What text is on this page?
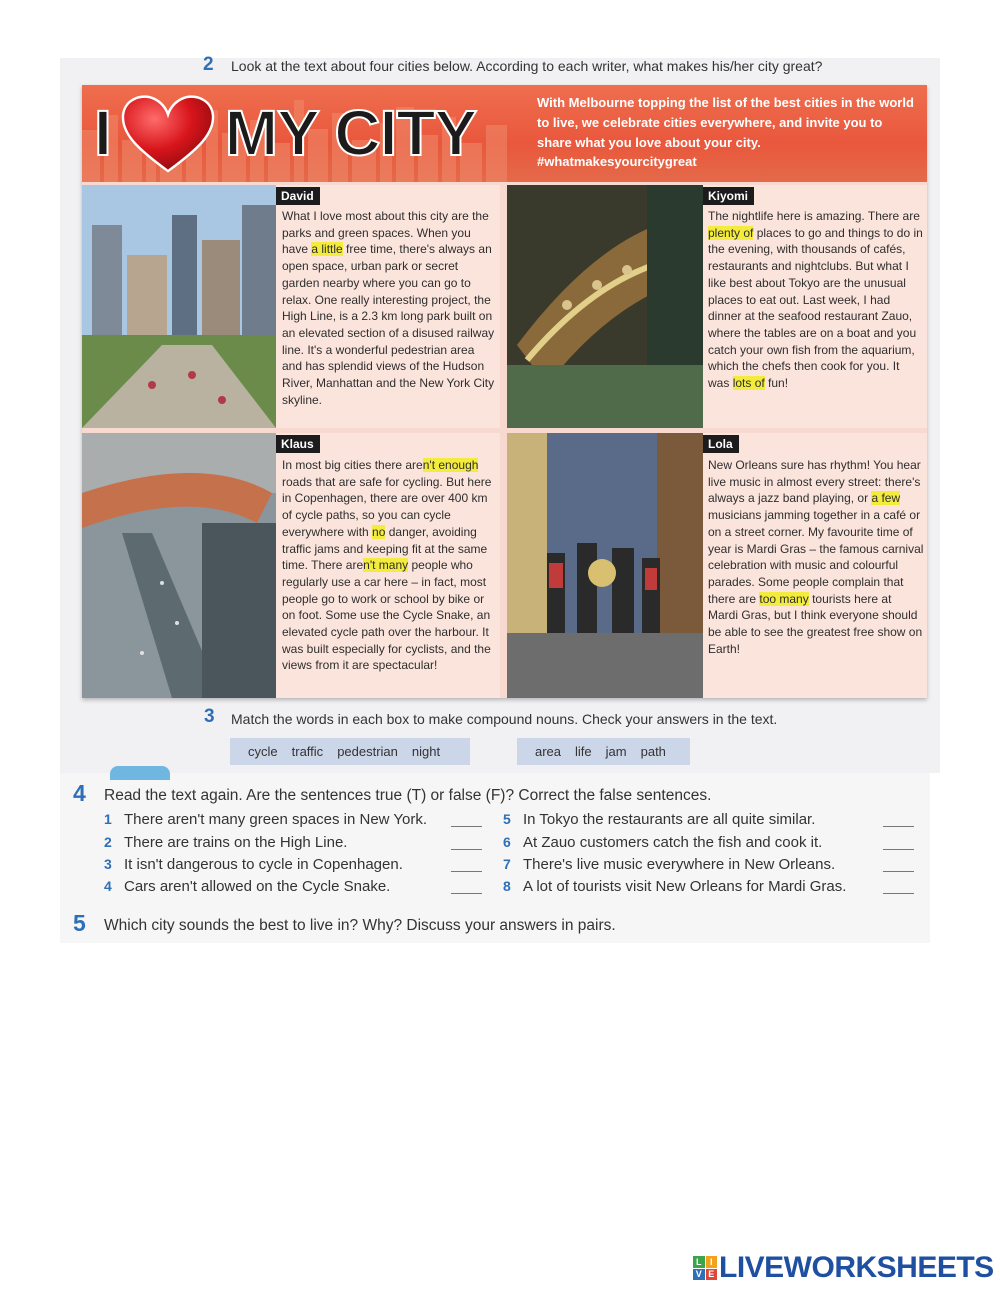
2 Look at the text about four cities below. According to each writer, what makes his/her city great?
I MY CITY	With Melbourne topping the list of the best cities in the world to live, we celebrate cities everywhere, and invite you to share what you love about your city. #whatmakesyourcitygreat
David
What I love most about this city are the parks and green spaces. When you have a little free time, there's always an open space, urban park or secret garden nearby where you can go to relax. One really interesting project, the High Line, is a 2.3 km long park built on an elevated section of a disused railway line. It's a wonderful pedestrian area and has splendid views of the Hudson River, Manhattan and the New York City skyline.
Kiyomi
The nightlife here is amazing. There are plenty of places to go and things to do in the evening, with thousands of cafés, restaurants and nightclubs. But what I like best about Tokyo are the unusual places to eat out. Last week, I had dinner at the seafood restaurant Zauo, where the tables are on a boat and you catch your own fish from the aquarium, which the chefs then cook for you. It was lots of fun!
Klaus
In most big cities there aren't enough roads that are safe for cycling. But here in Copenhagen, there are over 400 km of cycle paths, so you can cycle everywhere with no danger, avoiding traffic jams and keeping fit at the same time. There aren't many people who regularly use a car here – in fact, most people go to work or school by bike or on foot. Some use the Cycle Snake, an elevated cycle path over the harbour. It was built especially for cyclists, and the views from it are spectacular!
Lola
New Orleans sure has rhythm! You hear live music in almost every street: there's always a jazz band playing, or a few musicians jamming together in a café or on a street corner. My favourite time of year is Mardi Gras – the famous carnival celebration with music and colourful parades. Some people complain that there are too many tourists here at Mardi Gras, but I think everyone should be able to see the greatest free show on Earth!
3 Match the words in each box to make compound nouns. Check your answers in the text.
cycle traffic pedestrian night	area life jam path
4 Read the text again. Are the sentences true (T) or false (F)? Correct the false sentences.
1 There aren't many green spaces in New York.
2 There are trains on the High Line.
3 It isn't dangerous to cycle in Copenhagen.
4 Cars aren't allowed on the Cycle Snake.
5 In Tokyo the restaurants are all quite similar.
6 At Zauo customers catch the fish and cook it.
7 There's live music everywhere in New Orleans.
8 A lot of tourists visit New Orleans for Mardi Gras.
5 Which city sounds the best to live in? Why? Discuss your answers in pairs.
L I
V E LIVEWORKSHEETS
